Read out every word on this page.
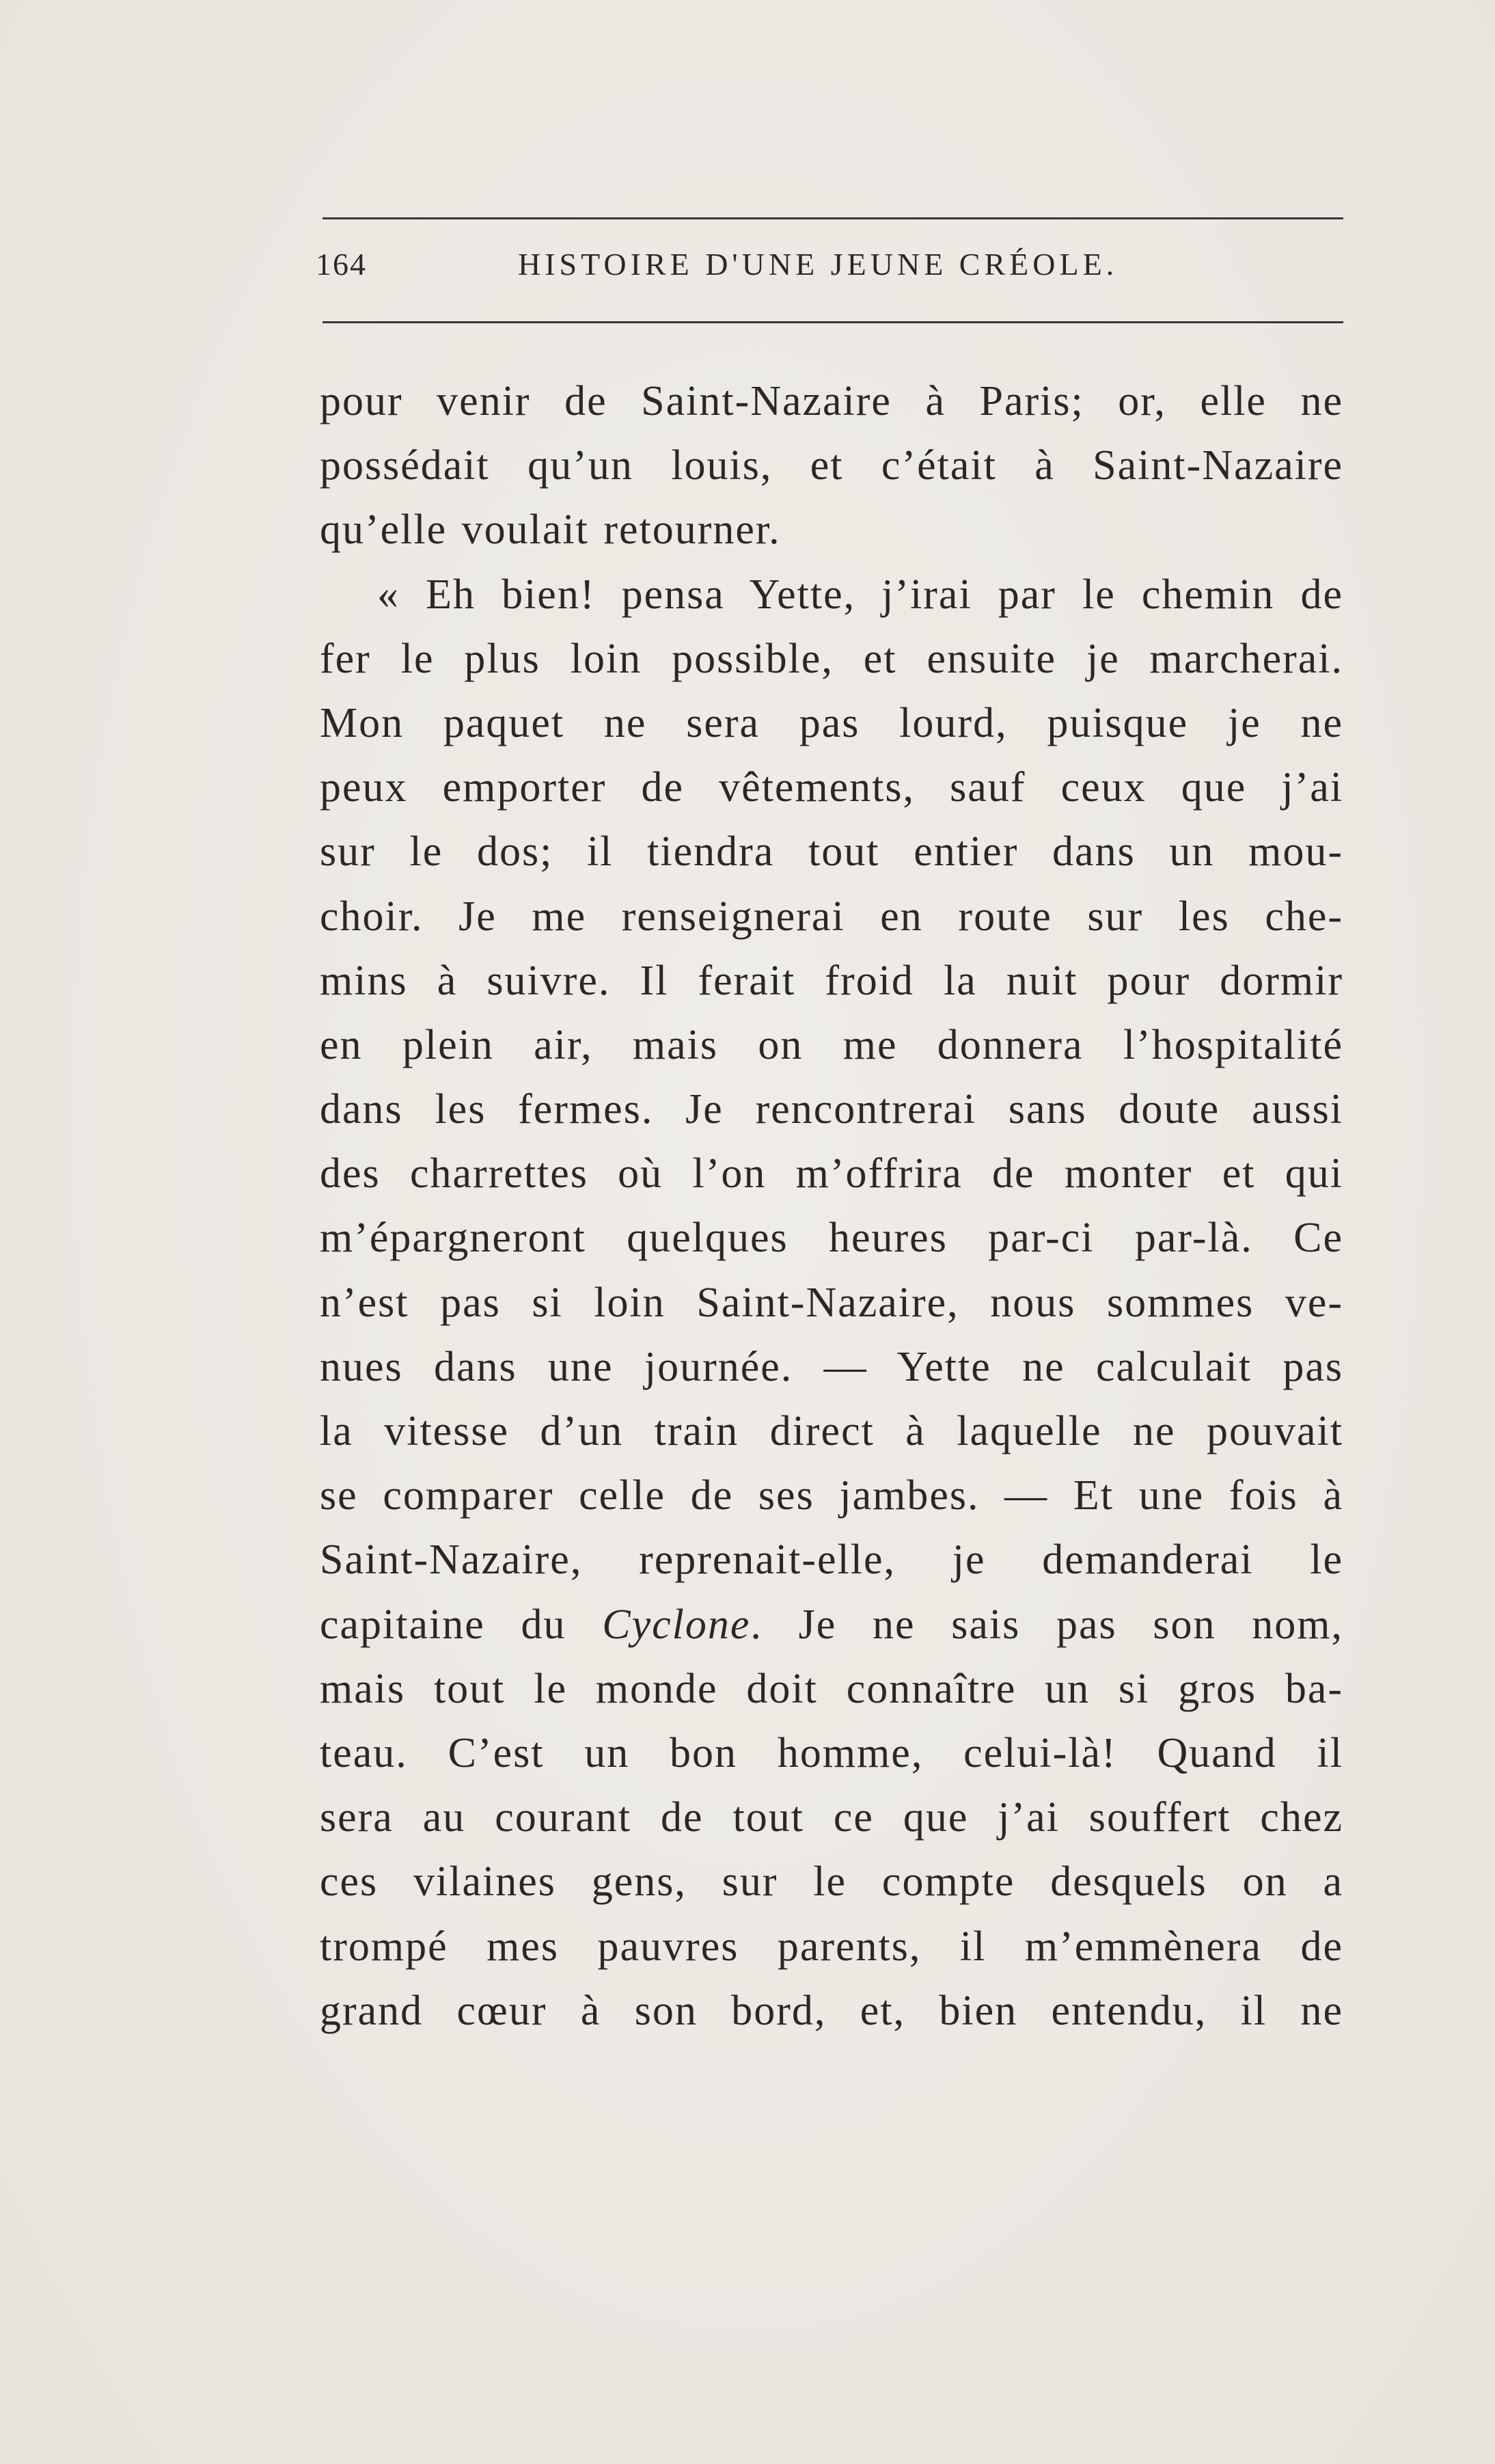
164	HISTOIRE D'UNE JEUNE CRÉOLE.
pour venir de Saint-Nazaire à Paris; or, elle ne
possédait qu’un louis, et c’était à Saint-Nazaire
qu’elle voulait retourner.
« Eh bien! pensa Yette, j’irai par le chemin de
fer le plus loin possible, et ensuite je marcherai.
Mon paquet ne sera pas lourd, puisque je ne
peux emporter de vêtements, sauf ceux que j’ai
sur le dos; il tiendra tout entier dans un mou-
choir. Je me renseignerai en route sur les che-
mins à suivre. Il ferait froid la nuit pour dormir
en plein air, mais on me donnera l’hospitalité
dans les fermes. Je rencontrerai sans doute aussi
des charrettes où l’on m’offrira de monter et qui
m’épargneront quelques heures par-ci par-là. Ce
n’est pas si loin Saint-Nazaire, nous sommes ve-
nues dans une journée. — Yette ne calculait pas
la vitesse d’un train direct à laquelle ne pouvait
se comparer celle de ses jambes. — Et une fois à
Saint-Nazaire, reprenait-elle, je demanderai le
capitaine du Cyclone. Je ne sais pas son nom,
mais tout le monde doit connaître un si gros ba-
teau. C’est un bon homme, celui-là! Quand il
sera au courant de tout ce que j’ai souffert chez
ces vilaines gens, sur le compte desquels on a
trompé mes pauvres parents, il m’emmènera de
grand cœur à son bord, et, bien entendu, il ne
